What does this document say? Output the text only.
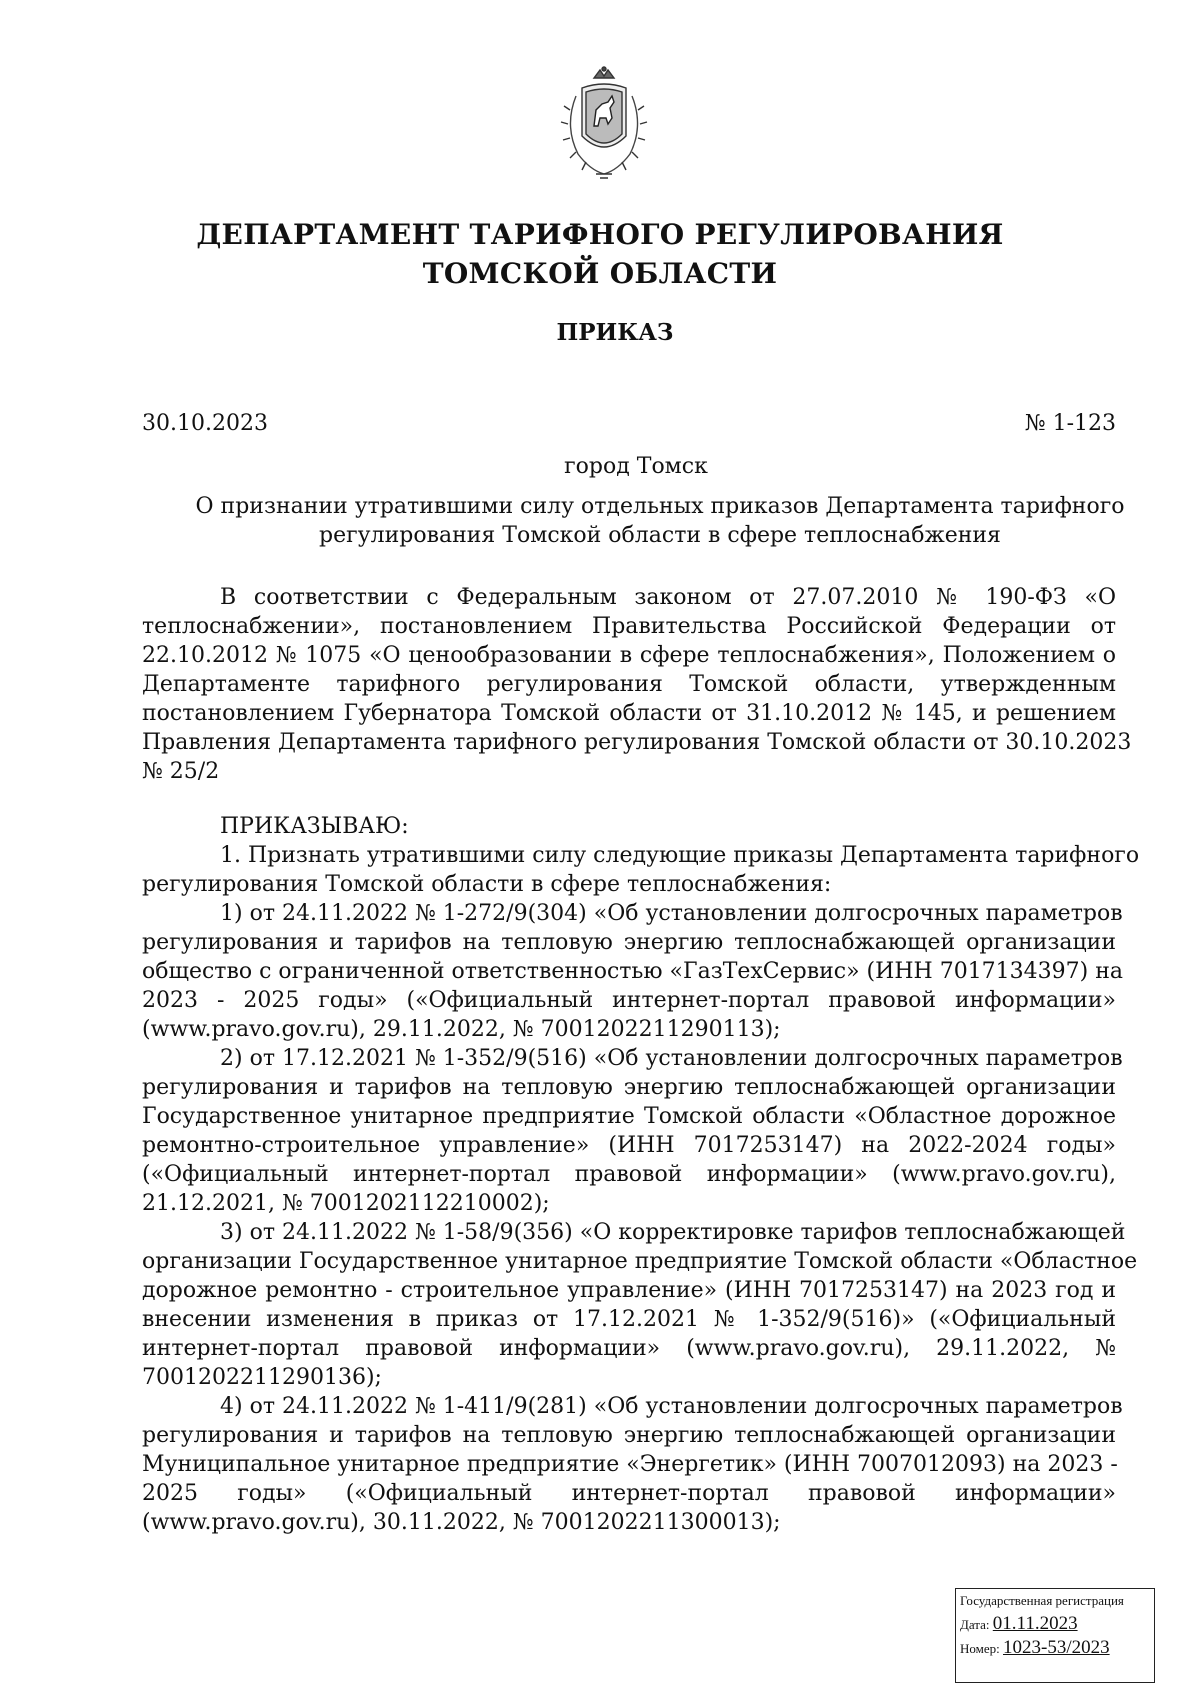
ДЕПАРТАМЕНТ ТАРИФНОГО РЕГУЛИРОВАНИЯ
ТОМСКОЙ ОБЛАСТИ
ПРИКАЗ
30.10.2023	№ 1-123
город Томск
О признании утратившими силу отдельных приказов Департамента тарифного
регулирования Томской области в сфере теплоснабжения
В соответствии с Федеральным законом от 27.07.2010 № 190-ФЗ «О
теплоснабжении», постановлением Правительства Российской Федерации от
22.10.2012 № 1075 «О ценообразовании в сфере теплоснабжения», Положением о
Департаменте тарифного регулирования Томской области, утвержденным
постановлением Губернатора Томской области от 31.10.2012 № 145, и решением
Правления Департамента тарифного регулирования Томской области от 30.10.2023
№ 25/2
ПРИКАЗЫВАЮ:
1. Признать утратившими силу следующие приказы Департамента тарифного
регулирования Томской области в сфере теплоснабжения:
1) от 24.11.2022 № 1-272/9(304) «Об установлении долгосрочных параметров
регулирования и тарифов на тепловую энергию теплоснабжающей организации
общество с ограниченной ответственностью «ГазТехСервис» (ИНН 7017134397) на
2023 - 2025 годы» («Официальный интернет-портал правовой информации»
(www.pravo.gov.ru), 29.11.2022, № 7001202211290113);
2) от 17.12.2021 № 1-352/9(516) «Об установлении долгосрочных параметров
регулирования и тарифов на тепловую энергию теплоснабжающей организации
Государственное унитарное предприятие Томской области «Областное дорожное
ремонтно-строительное управление» (ИНН 7017253147) на 2022-2024 годы»
(«Официальный интернет-портал правовой информации» (www.pravo.gov.ru),
21.12.2021, № 7001202112210002);
3) от 24.11.2022 № 1-58/9(356) «О корректировке тарифов теплоснабжающей
организации Государственное унитарное предприятие Томской области «Областное
дорожное ремонтно - строительное управление» (ИНН 7017253147) на 2023 год и
внесении изменения в приказ от 17.12.2021 № 1-352/9(516)» («Официальный
интернет-портал правовой информации» (www.pravo.gov.ru), 29.11.2022, №
7001202211290136);
4) от 24.11.2022 № 1-411/9(281) «Об установлении долгосрочных параметров
регулирования и тарифов на тепловую энергию теплоснабжающей организации
Муниципальное унитарное предприятие «Энергетик» (ИНН 7007012093) на 2023 -
2025 годы» («Официальный интернет-портал правовой информации»
(www.pravo.gov.ru), 30.11.2022, № 7001202211300013);
Государственная регистрация
Дата: 01.11.2023
Номер: 1023-53/2023
